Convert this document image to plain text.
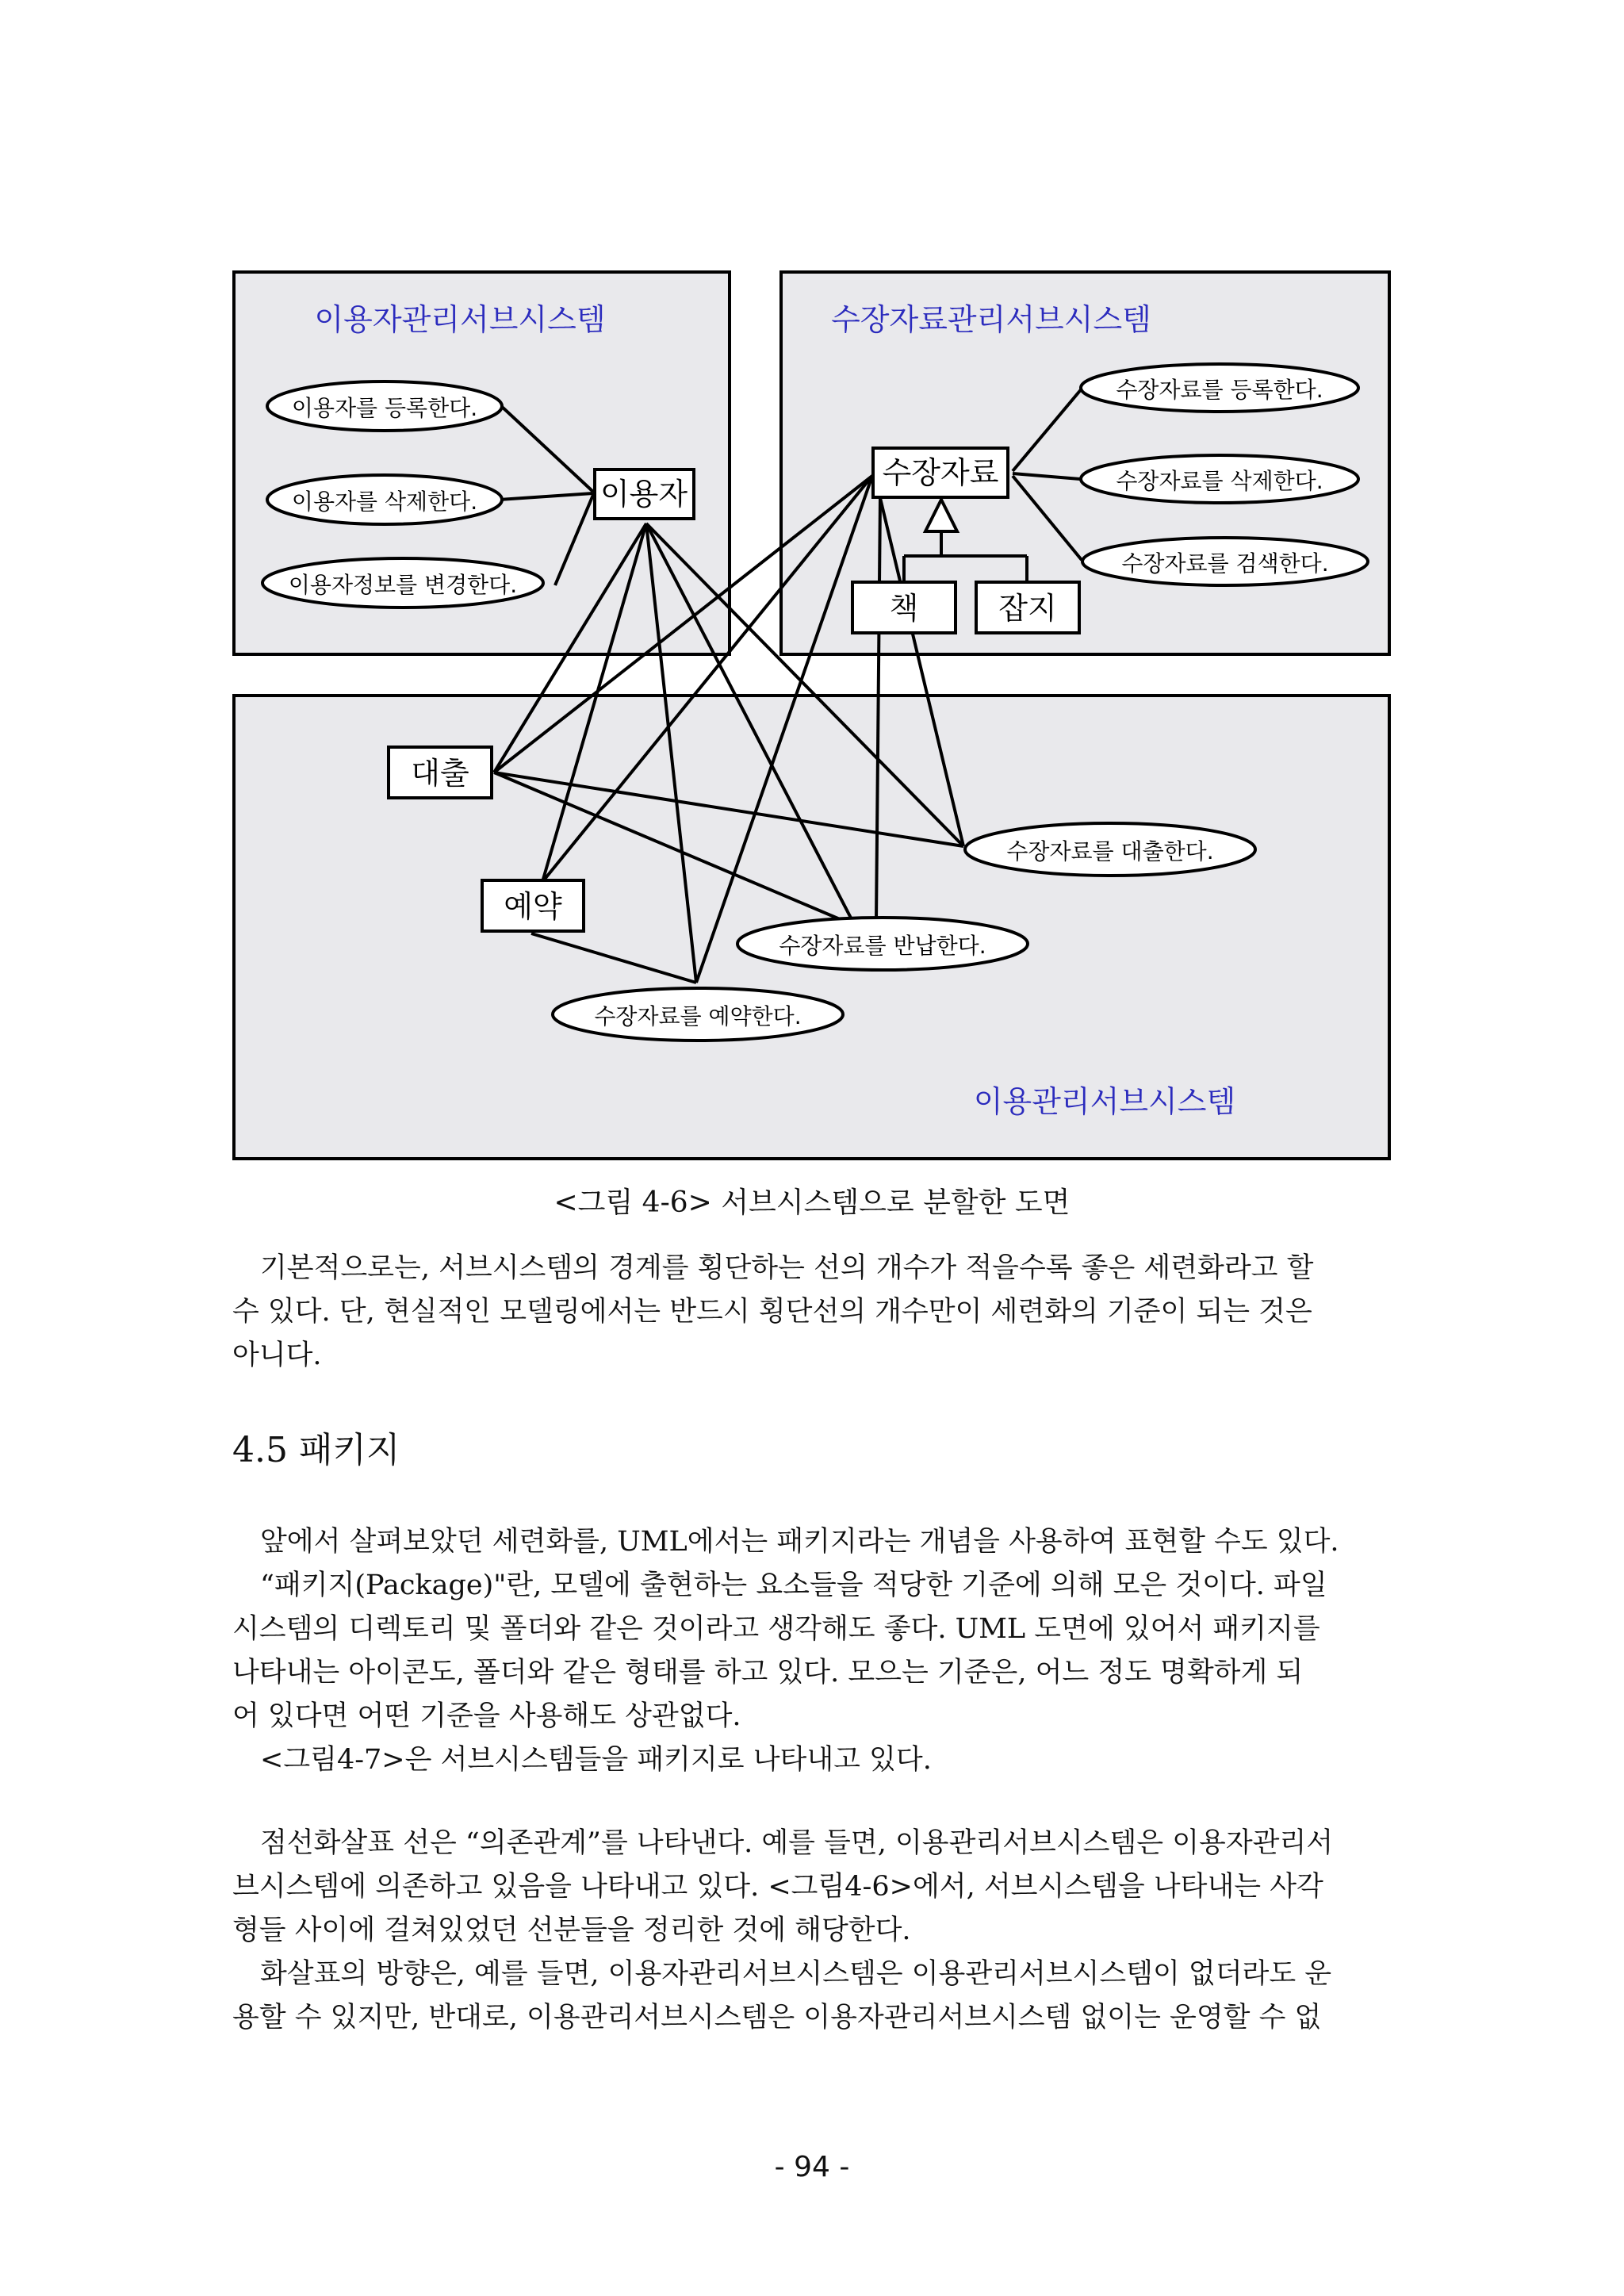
이용자관리서브시스템	수장자료관리서브시스템
이용관리서브시스템
이용자를 등록한다.
이용자를 삭제한다.
이용자정보를 변경한다.
수장자료를 등록한다.
수장자료를 삭제한다.
수장자료를 검색한다.
수장자료를 대출한다.
수장자료를 반납한다.
수장자료를 예약한다.
이용자
수장자료
책	잡지
대출
예약
<그림 4-6> 서브시스템으로 분할한 도면
기본적으로는, 서브시스템의 경계를 횡단하는 선의 개수가 적을수록 좋은 세련화라고 할
수 있다. 단, 현실적인 모델링에서는 반드시 횡단선의 개수만이 세련화의 기준이 되는 것은
아니다.
4.5 패키지
앞에서 살펴보았던 세련화를, UML에서는 패키지라는 개념을 사용하여 표현할 수도 있다.
“패키지(Package)"란, 모델에 출현하는 요소들을 적당한 기준에 의해 모은 것이다. 파일
시스템의 디렉토리 및 폴더와 같은 것이라고 생각해도 좋다. UML 도면에 있어서 패키지를
나타내는 아이콘도, 폴더와 같은 형태를 하고 있다. 모으는 기준은, 어느 정도 명확하게 되
어 있다면 어떤 기준을 사용해도 상관없다.
<그림4-7>은 서브시스템들을 패키지로 나타내고 있다.
점선화살표 선은 “의존관계”를 나타낸다. 예를 들면, 이용관리서브시스템은 이용자관리서
브시스템에 의존하고 있음을 나타내고 있다. <그림4-6>에서, 서브시스템을 나타내는 사각
형들 사이에 걸쳐있었던 선분들을 정리한 것에 해당한다.
화살표의 방향은, 예를 들면, 이용자관리서브시스템은 이용관리서브시스템이 없더라도 운
용할 수 있지만, 반대로, 이용관리서브시스템은 이용자관리서브시스템 없이는 운영할 수 없
- 94 -
